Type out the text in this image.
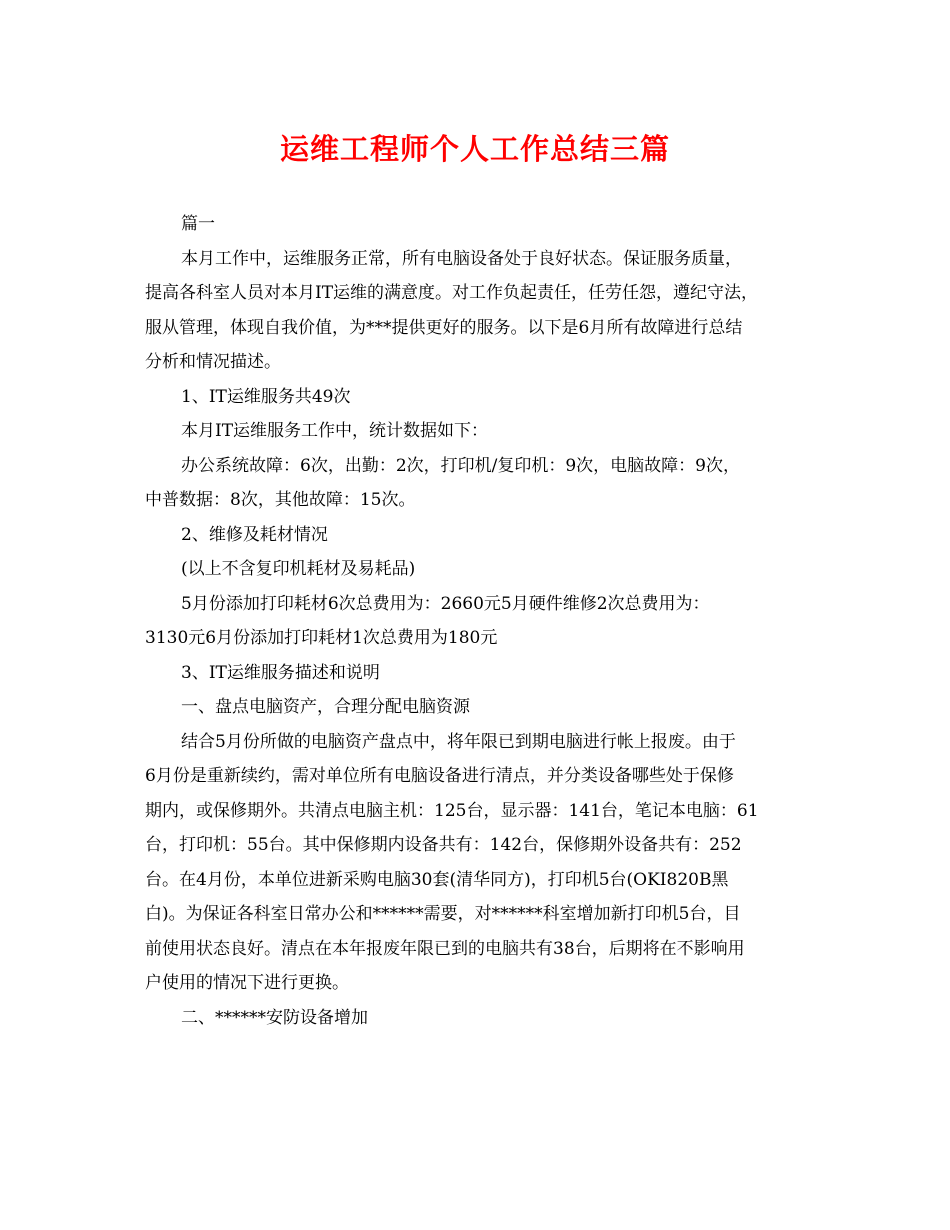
运维工程师个人工作总结三篇
篇一
本月工作中，运维服务正常，所有电脑设备处于良好状态。保证服务质量，
提高各科室人员对本月IT运维的满意度。对工作负起责任，任劳任怨，遵纪守法，
服从管理，体现自我价值，为***提供更好的服务。以下是6月所有故障进行总结
分析和情况描述。
1、IT运维服务共49次
本月IT运维服务工作中，统计数据如下：
办公系统故障：6次，出勤：2次，打印机/复印机：9次，电脑故障：9次，
中普数据：8次，其他故障：15次。
2、维修及耗材情况
(以上不含复印机耗材及易耗品)
5月份添加打印耗材6次总费用为：2660元5月硬件维修2次总费用为：
3130元6月份添加打印耗材1次总费用为180元
3、IT运维服务描述和说明
一、盘点电脑资产，合理分配电脑资源
结合5月份所做的电脑资产盘点中，将年限已到期电脑进行帐上报废。由于
6月份是重新续约，需对单位所有电脑设备进行清点，并分类设备哪些处于保修
期内，或保修期外。共清点电脑主机：125台，显示器：141台，笔记本电脑：61
台，打印机：55台。其中保修期内设备共有：142台，保修期外设备共有：252
台。在4月份，本单位进新采购电脑30套(清华同方)，打印机5台(OKI820B黑
白)。为保证各科室日常办公和******需要，对******科室增加新打印机5台，目
前使用状态良好。清点在本年报废年限已到的电脑共有38台，后期将在不影响用
户使用的情况下进行更换。
二、******安防设备增加
